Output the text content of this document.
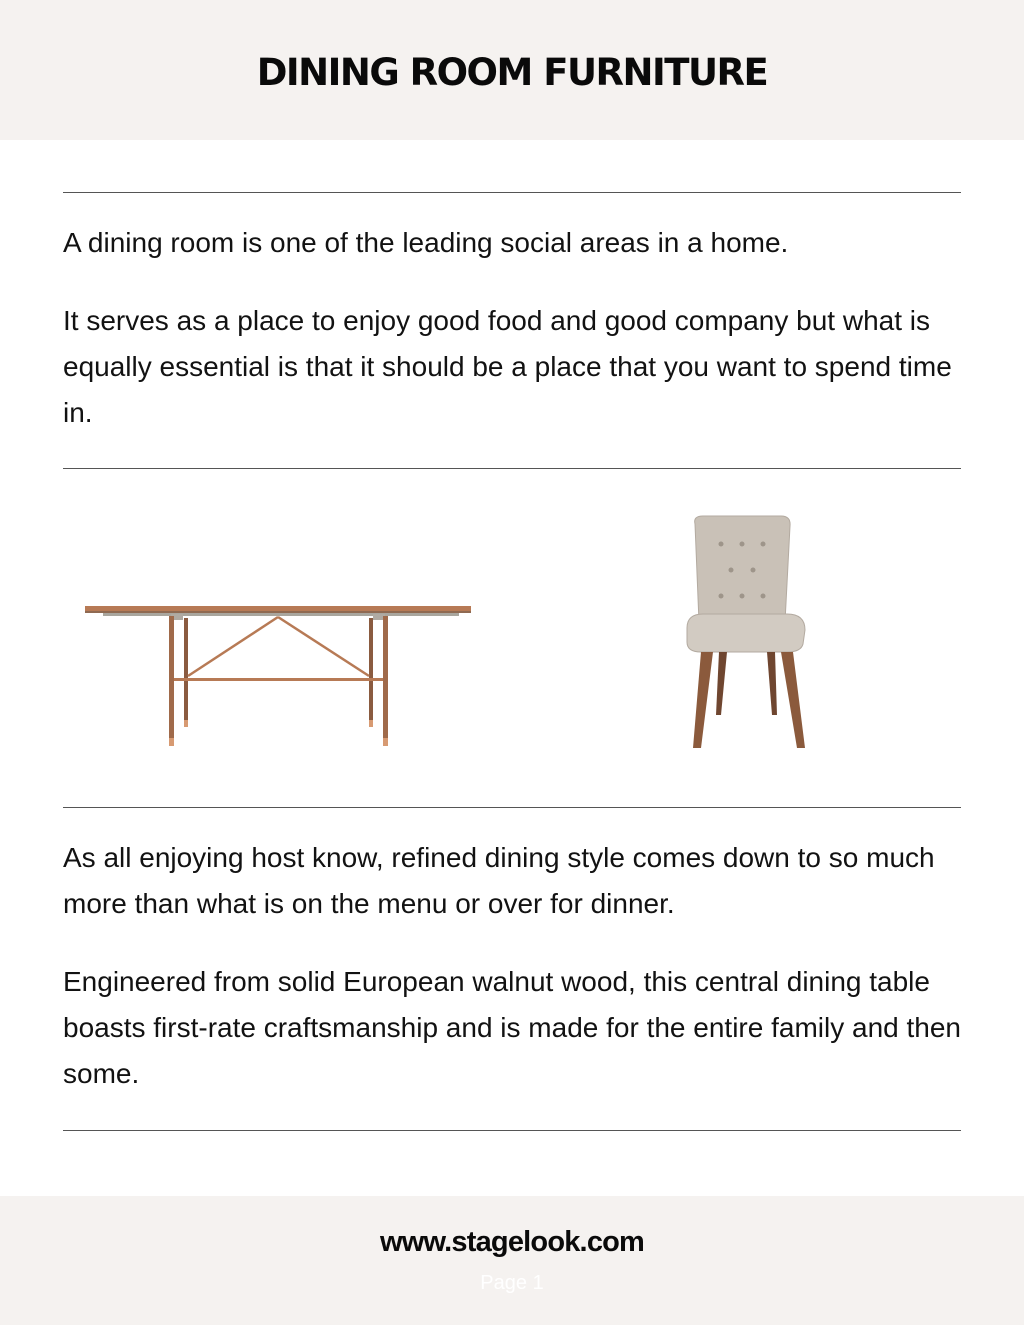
DINING ROOM FURNITURE

A dining room is one of the leading social areas in a home.

It serves as a place to enjoy good food and good company but what is equally essential is that it should be a place that you want to spend time in.

As all enjoying host know, refined dining style comes down to so much more than what is on the menu or over for dinner.

Engineered from solid European walnut wood, this central dining table boasts first-rate craftsmanship and is made for the entire family and then some.

www.stagelook.com
Page 1
